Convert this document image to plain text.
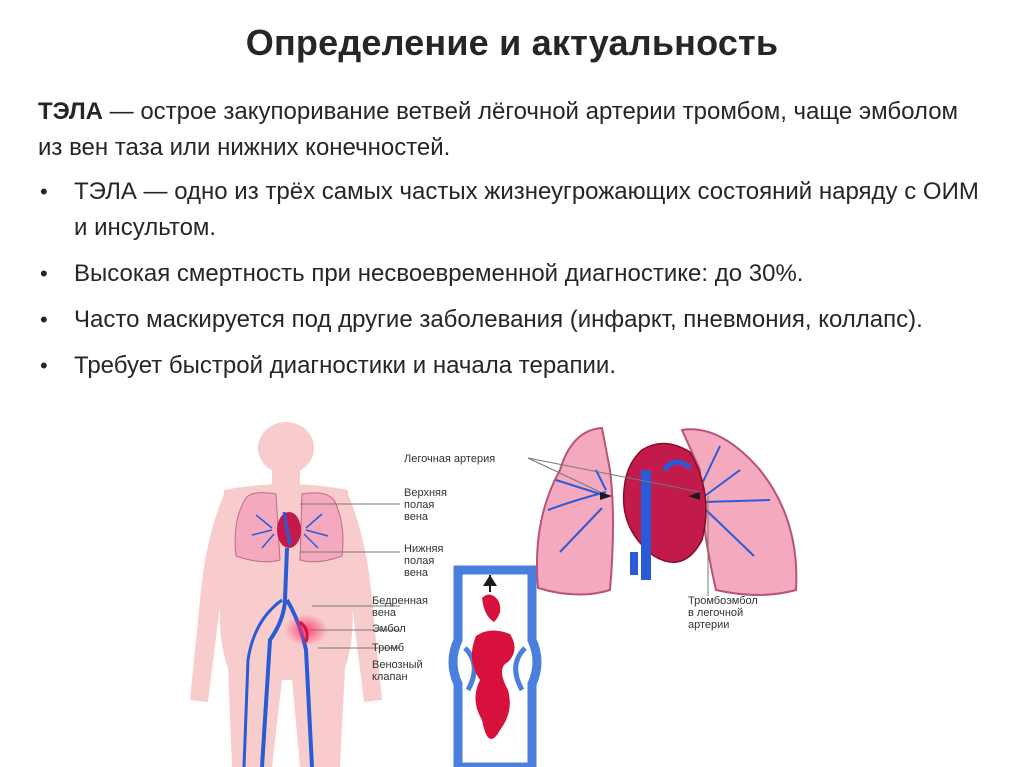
Определение и актуальность
ТЭЛА — острое закупоривание ветвей лёгочной артерии тромбом, чаще эмболом из вен таза или нижних конечностей.
• ТЭЛА — одно из трёх самых частых жизнеугрожающих состояний наряду с ОИМ и инсультом.
• Высокая смертность при несвоевременной диагностике: до 30%.
• Часто маскируется под другие заболевания (инфаркт, пневмония, коллапс).
• Требует быстрой диагностики и начала терапии.
Легочная артерия
Верхняя
полая
вена
Нижняя
полая
вена
Бедренная
вена
Эмбол
Тромб
Венозный
клапан
Тромбоэмбол
в легочной
артерии
